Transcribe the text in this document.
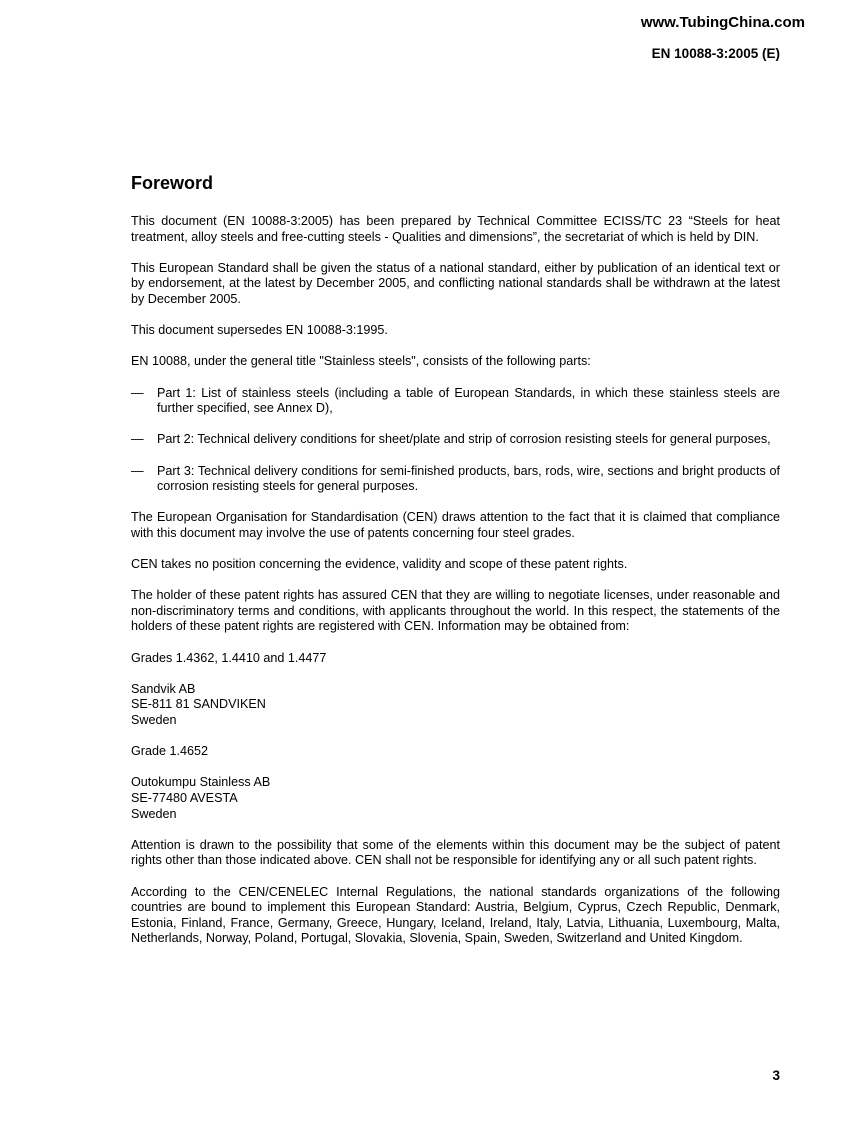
www.TubingChina.com
EN 10088-3:2005 (E)
Foreword

This document (EN 10088-3:2005) has been prepared by Technical Committee ECISS/TC 23 “Steels for heat treatment, alloy steels and free-cutting steels - Qualities and dimensions”, the secretariat of which is held by DIN.

This European Standard shall be given the status of a national standard, either by publication of an identical text or by endorsement, at the latest by December 2005, and conflicting national standards shall be withdrawn at the latest by December 2005.

This document supersedes EN 10088-3:1995.

EN 10088, under the general title "Stainless steels", consists of the following parts:

— Part 1: List of stainless steels (including a table of European Standards, in which these stainless steels are further specified, see Annex D),
— Part 2: Technical delivery conditions for sheet/plate and strip of corrosion resisting steels for general purposes,
— Part 3: Technical delivery conditions for semi-finished products, bars, rods, wire, sections and bright products of corrosion resisting steels for general purposes.

The European Organisation for Standardisation (CEN) draws attention to the fact that it is claimed that compliance with this document may involve the use of patents concerning four steel grades.

CEN takes no position concerning the evidence, validity and scope of these patent rights.

The holder of these patent rights has assured CEN that they are willing to negotiate licenses, under reasonable and non-discriminatory terms and conditions, with applicants throughout the world. In this respect, the statements of the holders of these patent rights are registered with CEN. Information may be obtained from:

Grades 1.4362, 1.4410 and 1.4477

Sandvik AB
SE-811 81 SANDVIKEN
Sweden

Grade 1.4652

Outokumpu Stainless AB
SE-77480 AVESTA
Sweden

Attention is drawn to the possibility that some of the elements within this document may be the subject of patent rights other than those indicated above. CEN shall not be responsible for identifying any or all such patent rights.

According to the CEN/CENELEC Internal Regulations, the national standards organizations of the following countries are bound to implement this European Standard: Austria, Belgium, Cyprus, Czech Republic, Denmark, Estonia, Finland, France, Germany, Greece, Hungary, Iceland, Ireland, Italy, Latvia, Lithuania, Luxembourg, Malta, Netherlands, Norway, Poland, Portugal, Slovakia, Slovenia, Spain, Sweden, Switzerland and United Kingdom.

3
